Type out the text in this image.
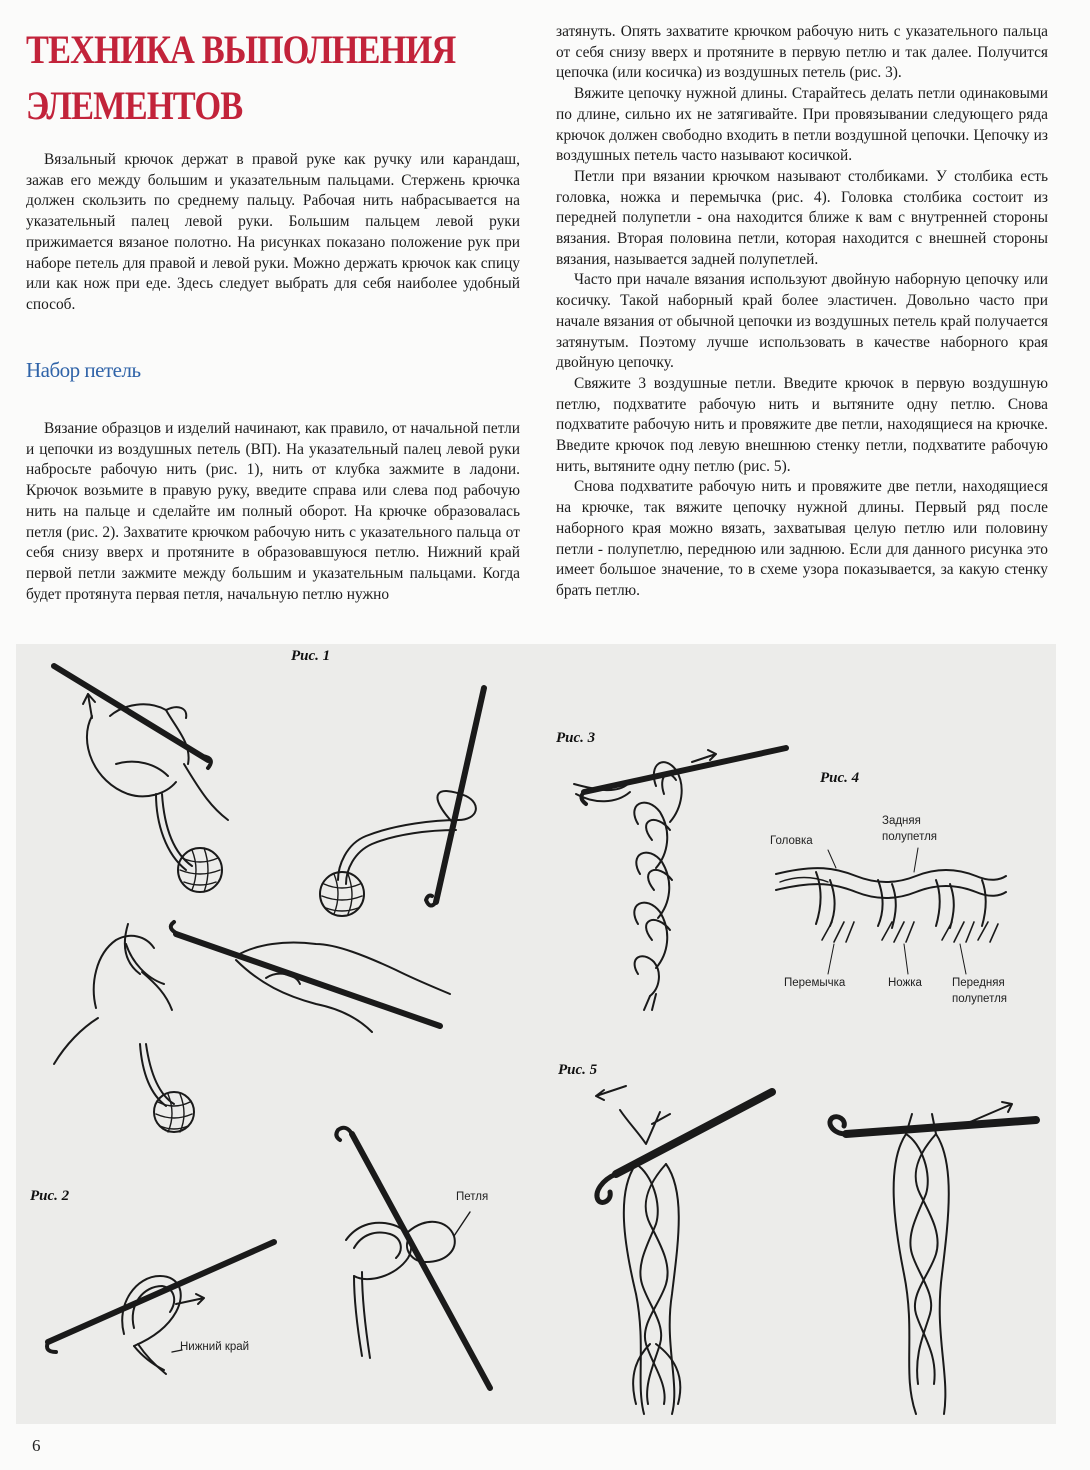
ТЕХНИКА ВЫПОЛНЕНИЯ ЭЛЕМЕНТОВ

Вязальный крючок держат в правой руке как ручку или карандаш, зажав его между большим и указательным пальцами. Стержень крючка должен скользить по среднему пальцу. Рабочая нить набрасывается на указательный палец левой руки. Большим пальцем левой руки прижимается вязаное полотно. На рисунках показано положение рук при наборе петель для правой и левой руки. Можно держать крючок как спицу или как нож при еде. Здесь следует выбрать для себя наиболее удобный способ.

Набор петель

Вязание образцов и изделий начинают, как правило, от начальной петли и цепочки из воздушных петель (ВП). На указательный палец левой руки набросьте рабочую нить (рис. 1), нить от клубка зажмите в ладони. Крючок возьмите в правую руку, введите справа или слева под рабочую нить на пальце и сделайте им полный оборот. На крючке образовалась петля (рис. 2). Захватите крючком рабочую нить с указательного пальца от себя снизу вверх и протяните в образовавшуюся петлю. Нижний край первой петли зажмите между большим и указательным пальцами. Когда будет протянута первая петля, начальную петлю нужно

затянуть. Опять захватите крючком рабочую нить с указательного пальца от себя снизу вверх и протяните в первую петлю и так далее. Получится цепочка (или косичка) из воздушных петель (рис. 3).

Вяжите цепочку нужной длины. Старайтесь делать петли одинаковыми по длине, сильно их не затягивайте. При провязывании следующего ряда крючок должен свободно входить в петли воздушной цепочки. Цепочку из воздушных петель часто называют косичкой.

Петли при вязании крючком называют столбиками. У столбика есть головка, ножка и перемычка (рис. 4). Головка столбика состоит из передней полупетли - она находится ближе к вам с внутренней стороны вязания. Вторая половина петли, которая находится с внешней стороны вязания, называется задней полупетлей.

Часто при начале вязания используют двойную наборную цепочку или косичку. Такой наборный край более эластичен. Довольно часто при начале вязания от обычной цепочки из воздушных петель край получается затянутым. Поэтому лучше использовать в качестве наборного края двойную цепочку.

Свяжите 3 воздушные петли. Введите крючок в первую воздушную петлю, подхватите рабочую нить и вытяните одну петлю. Снова подхватите рабочую нить и провяжите две петли, находящиеся на крючке. Введите крючок под левую внешнюю стенку петли, подхватите рабочую нить, вытяните одну петлю (рис. 5).

Снова подхватите рабочую нить и провяжите две петли, находящиеся на крючке, так вяжите цепочку нужной длины. Первый ряд после наборного края можно вязать, захватывая целую петлю или половину петли - полупетлю, переднюю или заднюю. Если для данного рисунка это имеет большое значение, то в схеме узора показывается, за какую стенку брать петлю.

Рис. 1

Рис. 2

Рис. 3

Рис. 4

Рис. 5

Петля

Нижний край

Головка

Задняя

полупетля

Перемычка	Ножка	Передняя

полупетля

6
